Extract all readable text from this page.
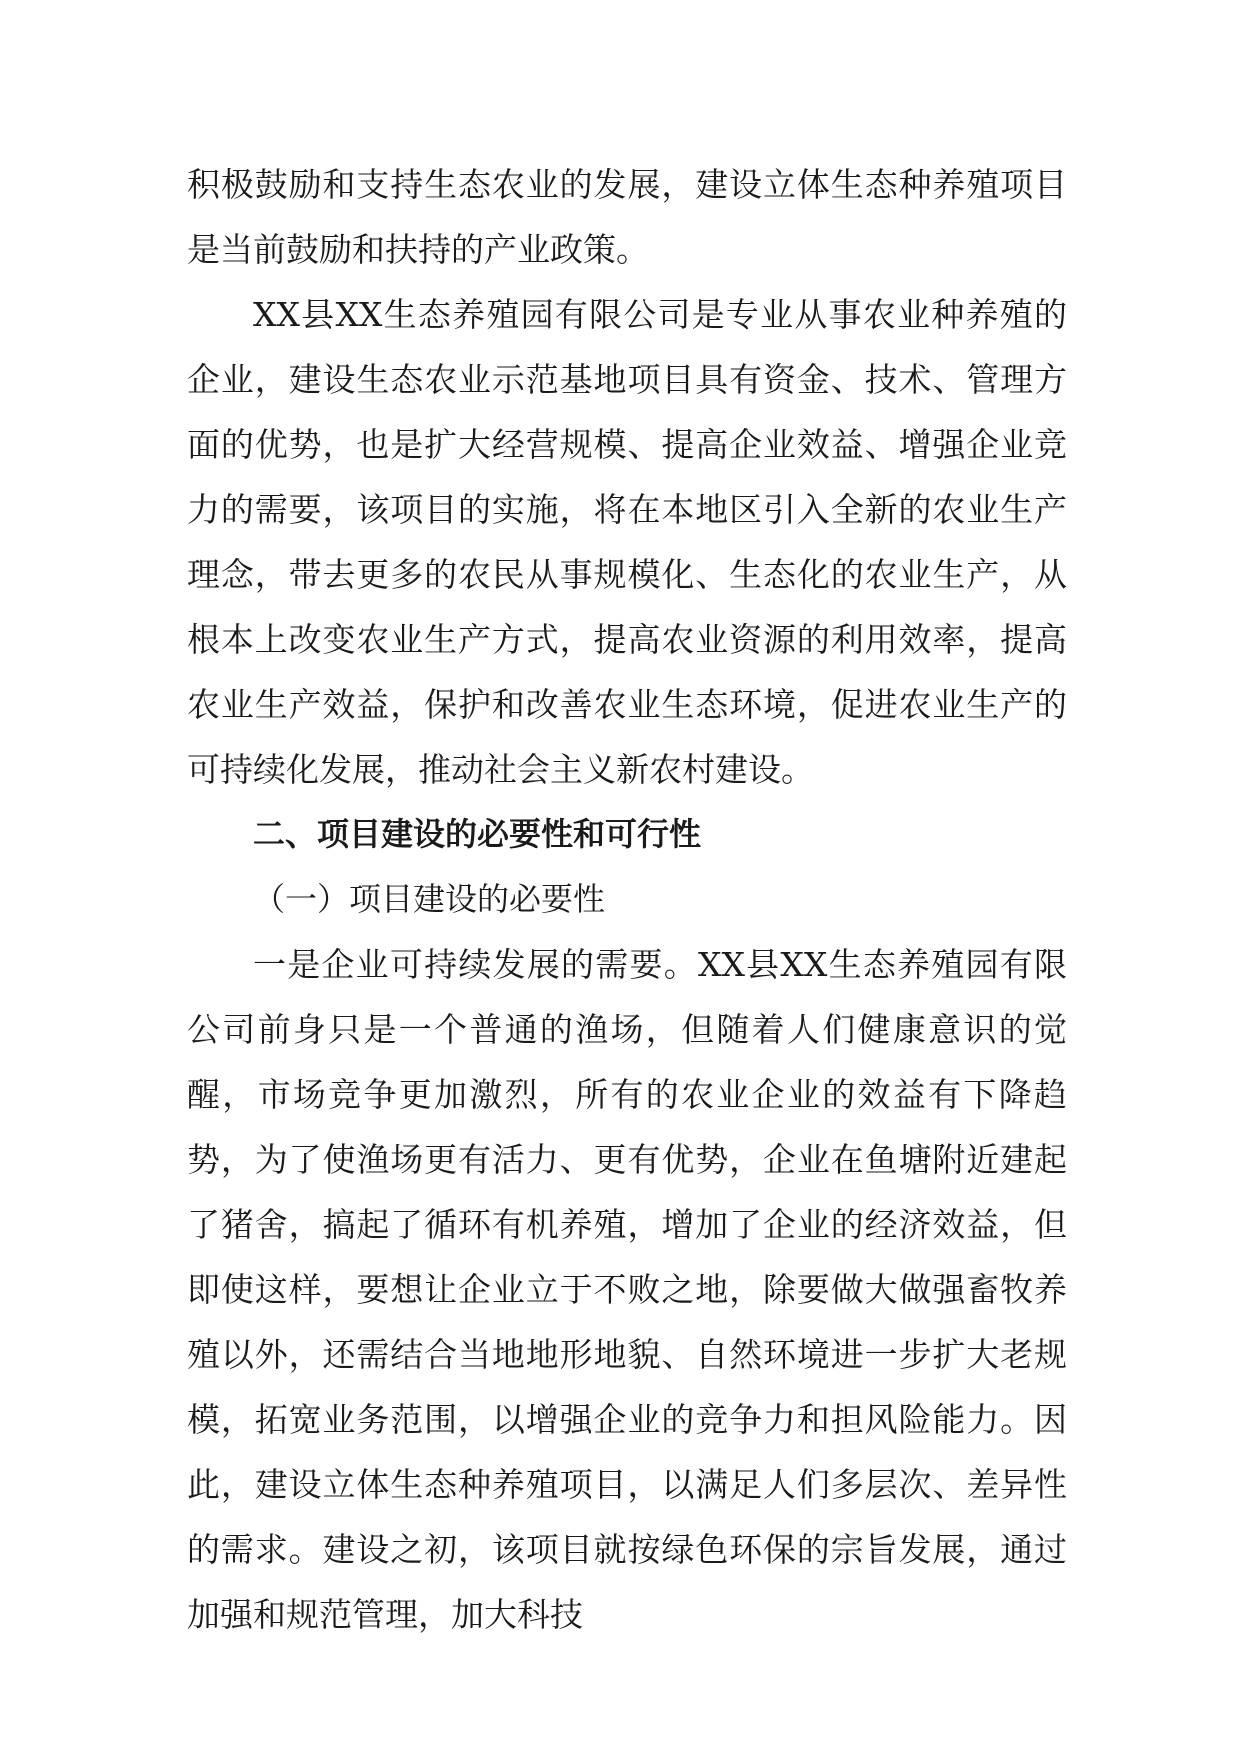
积极鼓励和支持生态农业的发展，建设立体生态种养殖项目是当前鼓励和扶持的产业政策。

XX县XX生态养殖园有限公司是专业从事农业种养殖的企业，建设生态农业示范基地项目具有资金、技术、管理方面的优势，也是扩大经营规模、提高企业效益、增强企业竞力的需要，该项目的实施，将在本地区引入全新的农业生产理念，带去更多的农民从事规模化、生态化的农业生产，从根本上改变农业生产方式，提高农业资源的利用效率，提高农业生产效益，保护和改善农业生态环境，促进农业生产的可持续化发展，推动社会主义新农村建设。

二、项目建设的必要性和可行性

（一）项目建设的必要性

一是企业可持续发展的需要。XX县XX生态养殖园有限公司前身只是一个普通的渔场，但随着人们健康意识的觉醒，市场竞争更加激烈，所有的农业企业的效益有下降趋势，为了使渔场更有活力、更有优势，企业在鱼塘附近建起了猪舍，搞起了循环有机养殖，增加了企业的经济效益，但即使这样，要想让企业立于不败之地，除要做大做强畜牧养殖以外，还需结合当地地形地貌、自然环境进一步扩大老规模，拓宽业务范围，以增强企业的竞争力和担风险能力。因此，建设立体生态种养殖项目，以满足人们多层次、差异性的需求。建设之初，该项目就按绿色环保的宗旨发展，通过加强和规范管理，加大科技
